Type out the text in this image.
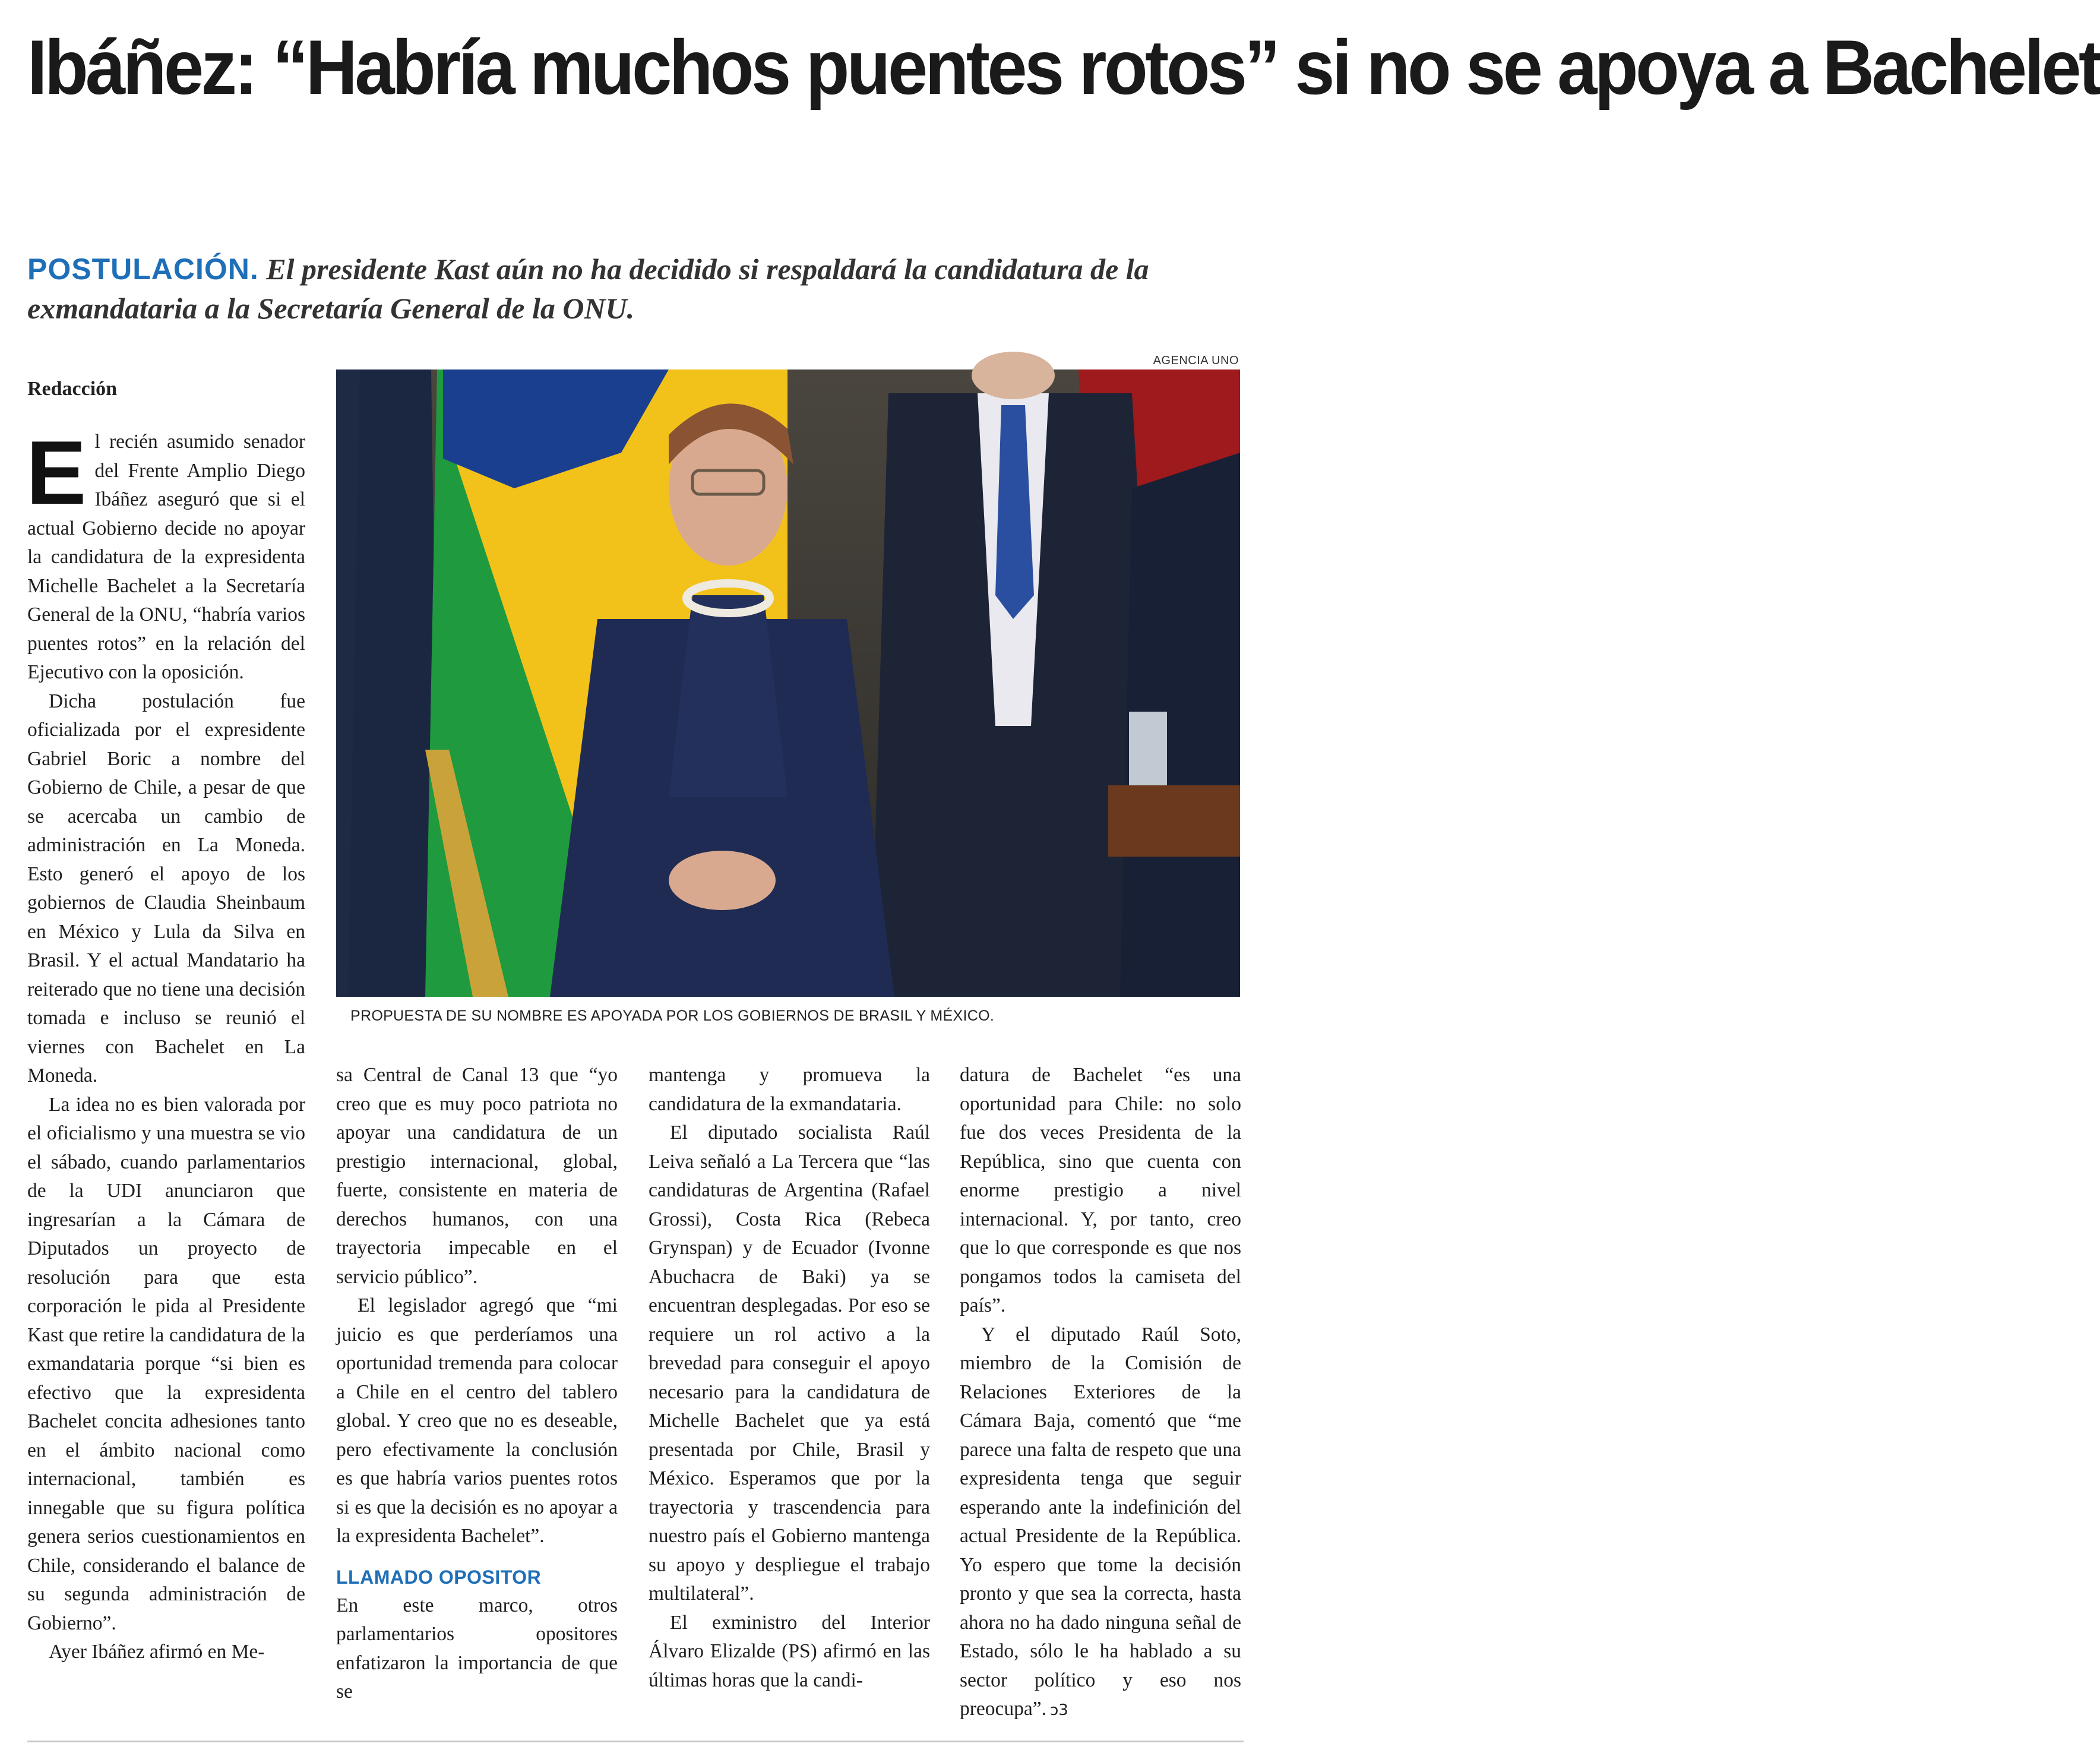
Ibáñez: “Habría muchos puentes rotos” si no se apoya a Bachelet

POSTULACIÓN. El presidente Kast aún no ha decidido si respaldará la candidatura de la exmandataria a la Secretaría General de la ONU.

Redacción
AGENCIA UNO
PROPUESTA DE SU NOMBRE ES APOYADA POR LOS GOBIERNOS DE BRASIL Y MÉXICO.

El recién asumido senador del Frente Amplio Diego Ibáñez aseguró que si el actual Gobierno decide no apoyar la candidatura de la expresidenta Michelle Bachelet a la Secretaría General de la ONU, “habría varios puentes rotos” en la relación del Ejecutivo con la oposición.

Dicha postulación fue oficializada por el expresidente Gabriel Boric a nombre del Gobierno de Chile, a pesar de que se acercaba un cambio de administración en La Moneda. Esto generó el apoyo de los gobiernos de Claudia Sheinbaum en México y Lula da Silva en Brasil. Y el actual Mandatario ha reiterado que no tiene una decisión tomada e incluso se reunió el viernes con Bachelet en La Moneda.

La idea no es bien valorada por el oficialismo y una muestra se vio el sábado, cuando parlamentarios de la UDI anunciaron que ingresarían a la Cámara de Diputados un proyecto de resolución para que esta corporación le pida al Presidente Kast que retire la candidatura de la exmandataria porque “si bien es efectivo que la expresidenta Bachelet concita adhesiones tanto en el ámbito nacional como internacional, también es innegable que su figura política genera serios cuestionamientos en Chile, considerando el balance de su segunda administración de Gobierno”.

Ayer Ibáñez afirmó en Me-

sa Central de Canal 13 que “yo creo que es muy poco patriota no apoyar una candidatura de un prestigio internacional, global, fuerte, consistente en materia de derechos humanos, con una trayectoria impecable en el servicio público”.

El legislador agregó que “mi juicio es que perderíamos una oportunidad tremenda para colocar a Chile en el centro del tablero global. Y creo que no es deseable, pero efectivamente la conclusión es que habría varios puentes rotos si es que la decisión es no apoyar a la expresidenta Bachelet”.

LLAMADO OPOSITOR

En este marco, otros parlamentarios opositores enfatizaron la importancia de que se

mantenga y promueva la candidatura de la exmandataria.

El diputado socialista Raúl Leiva señaló a La Tercera que “las candidaturas de Argentina (Rafael Grossi), Costa Rica (Rebeca Grynspan) y de Ecuador (Ivonne Abuchacra de Baki) ya se encuentran desplegadas. Por eso se requiere un rol activo a la brevedad para conseguir el apoyo necesario para la candidatura de Michelle Bachelet que ya está presentada por Chile, Brasil y México. Esperamos que por la trayectoria y trascendencia para nuestro país el Gobierno mantenga su apoyo y despliegue el trabajo multilateral”.

El exministro del Interior Álvaro Elizalde (PS) afirmó en las últimas horas que la candi-

datura de Bachelet “es una oportunidad para Chile: no solo fue dos veces Presidenta de la República, sino que cuenta con enorme prestigio a nivel internacional. Y, por tanto, creo que lo que corresponde es que nos pongamos todos la camiseta del país”.

Y el diputado Raúl Soto, miembro de la Comisión de Relaciones Exteriores de la Cámara Baja, comentó que “me parece una falta de respeto que una expresidenta tenga que seguir esperando ante la indefinición del actual Presidente de la República. Yo espero que tome la decisión pronto y que sea la correcta, hasta ahora no ha dado ninguna señal de Estado, sólo le ha hablado a su sector político y eso nos preocupa”. ↄ3
